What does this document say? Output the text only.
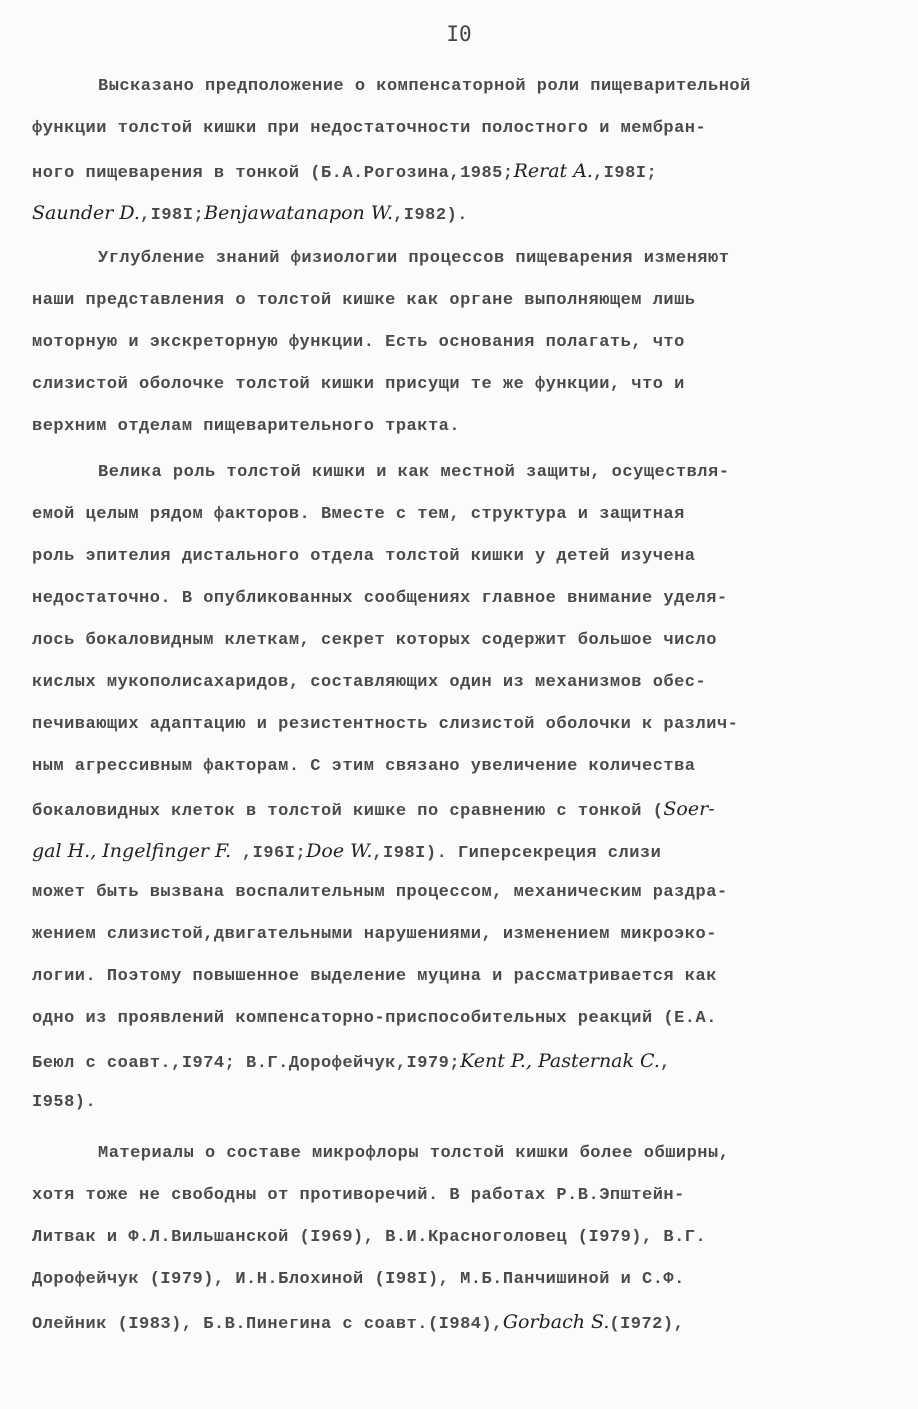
I0
Высказано предположение о компенсаторной роли пищеварительной
функции толстой кишки при недостаточности полостного и мембран-
ного пищеварения в тонкой (Б.А.Рогозина,1985;Rerat A.,I98I;
Saunder D.,I98I;Benjawatanapon W.,I982).
Углубление знаний физиологии процессов пищеварения изменяют
наши представления о толстой кишке как органе выполняющем лишь
моторную и экскреторную функции. Есть основания полагать, что
слизистой оболочке толстой кишки присущи те же функции, что и
верхним отделам пищеварительного тракта.
Велика роль толстой кишки и как местной защиты, осуществля-
емой целым рядом факторов. Вместе с тем, структура и защитная
роль эпителия дистального отдела толстой кишки у детей изучена
недостаточно. В опубликованных сообщениях главное внимание уделя-
лось бокаловидным клеткам, секрет которых содержит большое число
кислых мукополисахаридов, составляющих один из механизмов обес-
печивающих адаптацию и резистентность слизистой оболочки к различ-
ным агрессивным факторам. С этим связано увеличение количества
бокаловидных клеток в толстой кишке по сравнению с тонкой (Soer-
gal H., Ingelfinger F. ,I96I;Doe W.,I98I). Гиперсекреция слизи
может быть вызвана воспалительным процессом, механическим раздра-
жением слизистой,двигательными нарушениями, изменением микроэко-
логии. Поэтому повышенное выделение муцина и рассматривается как
одно из проявлений компенсаторно-приспособительных реакций (Е.А.
Беюл с соавт.,I974; В.Г.Дорофейчук,I979;Kent P., Pasternak C.,
I958).
Материалы о составе микрофлоры толстой кишки более обширны,
хотя тоже не свободны от противоречий. В работах Р.В.Эпштейн-
Литвак и Ф.Л.Вильшанской (I969), В.И.Красноголовец (I979), В.Г.
Дорофейчук (I979), И.Н.Блохиной (I98I), М.Б.Панчишиной и С.Ф.
Олейник (I983), Б.В.Пинегина с соавт.(I984),Gorbach S.(I972),
